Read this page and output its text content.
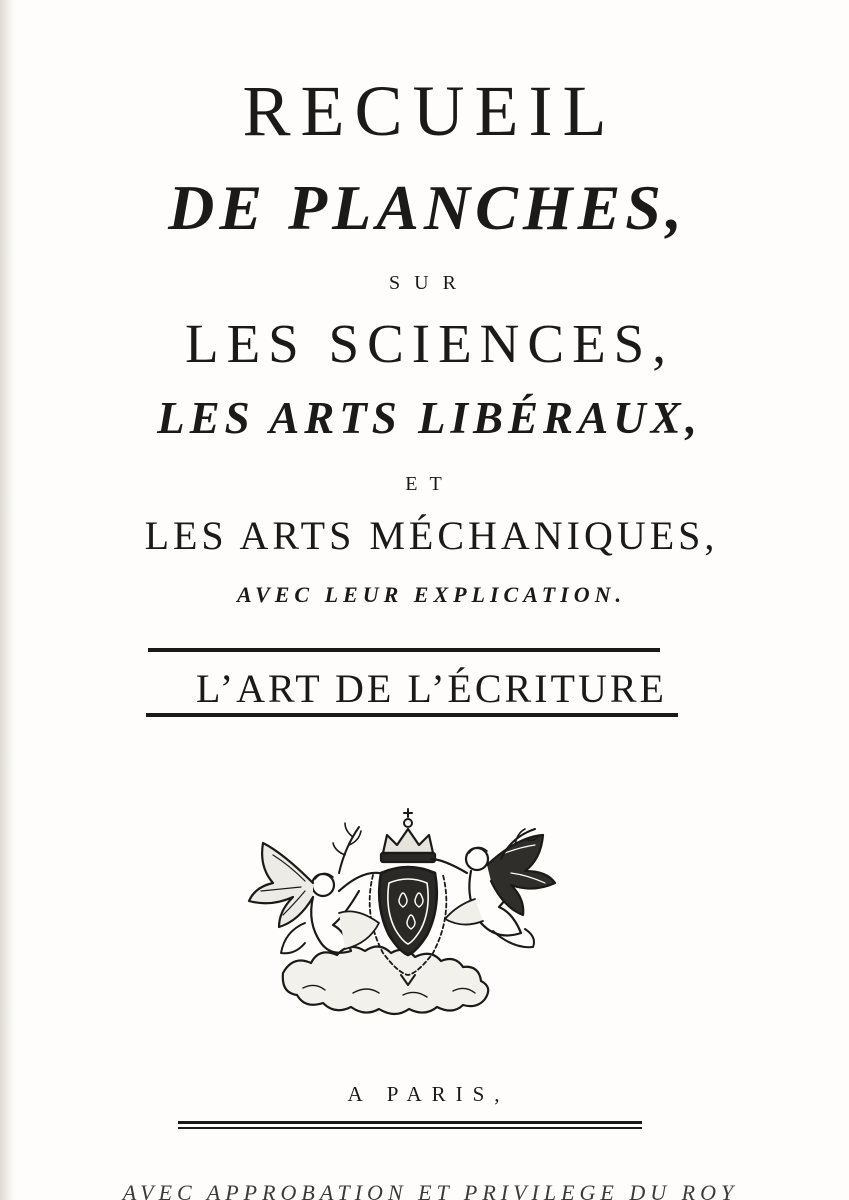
RECUEIL
DE PLANCHES,
SUR
LES SCIENCES,
LES ARTS LIBÉRAUX,
ET
LES ARTS MÉCHANIQUES,
AVEC LEUR EXPLICATION.
L’ART DE L’ÉCRITURE
A PARIS,
AVEC APPROBATION ET PRIVILEGE DU ROY
